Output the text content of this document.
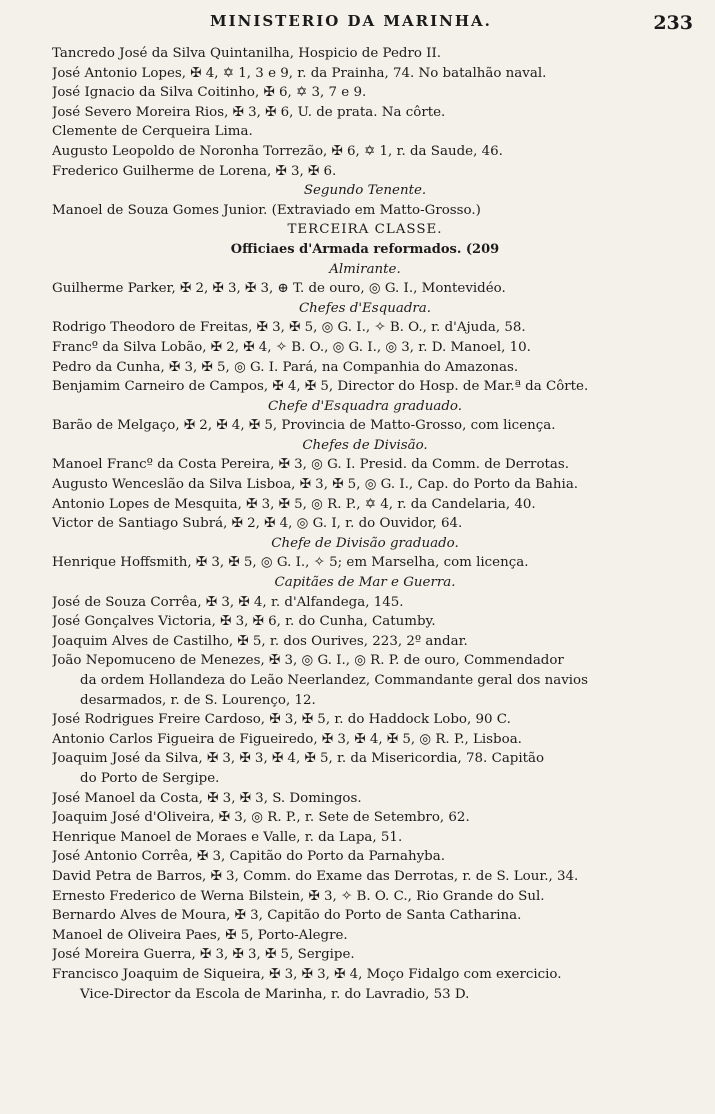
MINISTERIO DA MARINHA.	233
Tancredo José da Silva Quintanilha, Hospicio de Pedro II.
José Antonio Lopes, ✠ 4, ✡ 1, 3 e 9, r. da Prainha, 74. No batalhão naval.
José Ignacio da Silva Coitinho, ✠ 6, ✡ 3, 7 e 9.
José Severo Moreira Rios, ✠ 3, ✠ 6, U. de prata. Na côrte.
Clemente de Cerqueira Lima.
Augusto Leopoldo de Noronha Torrezão, ✠ 6, ✡ 1, r. da Saude, 46.
Frederico Guilherme de Lorena, ✠ 3, ✠ 6.
Segundo Tenente.
Manoel de Souza Gomes Junior. (Extraviado em Matto-Grosso.)
TERCEIRA CLASSE.
Officiaes d'Armada reformados. (209
Almirante.
Guilherme Parker, ✠ 2, ✠ 3, ✠ 3, ⊕ T. de ouro, ◎ G. I., Montevidéo.
Chefes d'Esquadra.
Rodrigo Theodoro de Freitas, ✠ 3, ✠ 5, ◎ G. I., ✧ B. O., r. d'Ajuda, 58.
Francº da Silva Lobão, ✠ 2, ✠ 4, ✧ B. O., ◎ G. I., ◎ 3, r. D. Manoel, 10.
Pedro da Cunha, ✠ 3, ✠ 5, ◎ G. I. Pará, na Companhia do Amazonas.
Benjamim Carneiro de Campos, ✠ 4, ✠ 5, Director do Hosp. de Mar.ª da Côrte.
Chefe d'Esquadra graduado.
Barão de Melgaço, ✠ 2, ✠ 4, ✠ 5, Provincia de Matto-Grosso, com licença.
Chefes de Divisão.
Manoel Francº da Costa Pereira, ✠ 3, ◎ G. I. Presid. da Comm. de Derrotas.
Augusto Wenceslão da Silva Lisboa, ✠ 3, ✠ 5, ◎ G. I., Cap. do Porto da Bahia.
Antonio Lopes de Mesquita, ✠ 3, ✠ 5, ◎ R. P., ✡ 4, r. da Candelaria, 40.
Victor de Santiago Subrá, ✠ 2, ✠ 4, ◎ G. I, r. do Ouvidor, 64.
Chefe de Divisão graduado.
Henrique Hoffsmith, ✠ 3, ✠ 5, ◎ G. I., ✧ 5; em Marselha, com licença.
Capitães de Mar e Guerra.
José de Souza Corrêa, ✠ 3, ✠ 4, r. d'Alfandega, 145.
José Gonçalves Victoria, ✠ 3, ✠ 6, r. do Cunha, Catumby.
Joaquim Alves de Castilho, ✠ 5, r. dos Ourives, 223, 2º andar.
João Nepomuceno de Menezes, ✠ 3, ◎ G. I., ◎ R. P. de ouro, Commendador
da ordem Hollandeza do Leão Neerlandez, Commandante geral dos navios
desarmados, r. de S. Lourenço, 12.
José Rodrigues Freire Cardoso, ✠ 3, ✠ 5, r. do Haddock Lobo, 90 C.
Antonio Carlos Figueira de Figueiredo, ✠ 3, ✠ 4, ✠ 5, ◎ R. P., Lisboa.
Joaquim José da Silva, ✠ 3, ✠ 3, ✠ 4, ✠ 5, r. da Misericordia, 78. Capitão
do Porto de Sergipe.
José Manoel da Costa, ✠ 3, ✠ 3, S. Domingos.
Joaquim José d'Oliveira, ✠ 3, ◎ R. P., r. Sete de Setembro, 62.
Henrique Manoel de Moraes e Valle, r. da Lapa, 51.
José Antonio Corrêa, ✠ 3, Capitão do Porto da Parnahyba.
David Petra de Barros, ✠ 3, Comm. do Exame das Derrotas, r. de S. Lour., 34.
Ernesto Frederico de Werna Bilstein, ✠ 3, ✧ B. O. C., Rio Grande do Sul.
Bernardo Alves de Moura, ✠ 3, Capitão do Porto de Santa Catharina.
Manoel de Oliveira Paes, ✠ 5, Porto-Alegre.
José Moreira Guerra, ✠ 3, ✠ 3, ✠ 5, Sergipe.
Francisco Joaquim de Siqueira, ✠ 3, ✠ 3, ✠ 4, Moço Fidalgo com exercicio.
Vice-Director da Escola de Marinha, r. do Lavradio, 53 D.
